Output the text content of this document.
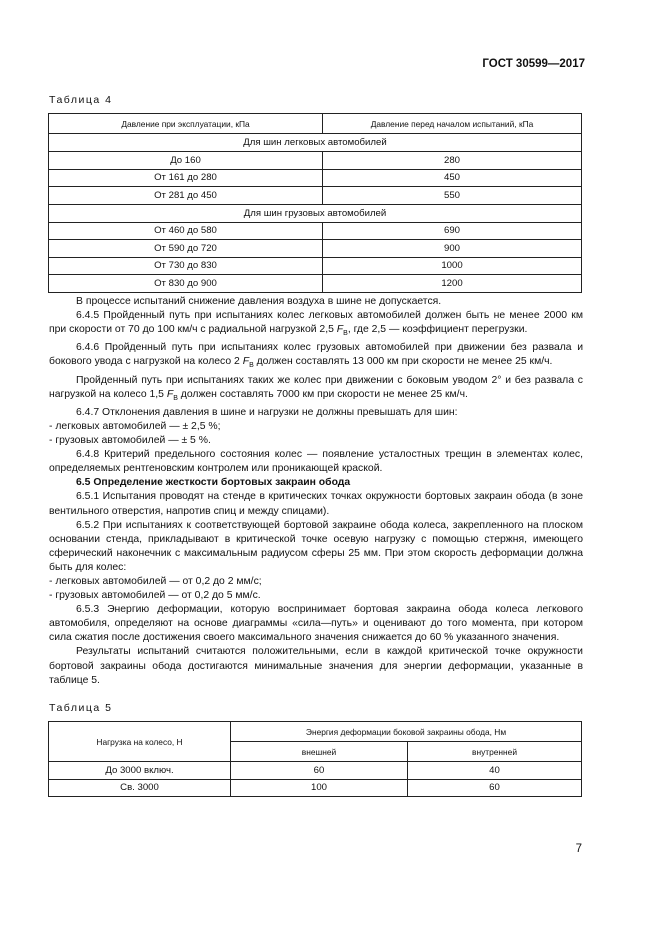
ГОСТ 30599—2017
Таблица 4
Давление при эксплуатации, кПа	Давление перед началом испытаний, кПа
Для шин легковых автомобилей	
До 160	280
От 161 до 280	450
От 281 до 450	550
Для шин грузовых автомобилей	
От 460 до 580	690
От 590 до 720	900
От 730 до 830	1000
От 830 до 900	1200

В процессе испытаний снижение давления воздуха в шине не допускается.

6.4.5 Пройденный путь при испытаниях колес легковых автомобилей должен быть не менее 2000 км при скорости от 70 до 100 км/ч с радиальной нагрузкой 2,5 $F_B$, где 2,5 — коэффициент перегрузки.

6.4.6 Пройденный путь при испытаниях колес грузовых автомобилей при движении без развала и бокового увода с нагрузкой на колесо 2 $F_B$ должен составлять 13 000 км при скорости не менее 25 км/ч.

Пройденный путь при испытаниях таких же колес при движении с боковым уводом 2° и без развала с нагрузкой на колесо 1,5 $F_B$ должен составлять 7000 км при скорости не менее 25 км/ч.

6.4.7 Отклонения давления в шине и нагрузки не должны превышать для шин:

- легковых автомобилей — ± 2,5 %;

- грузовых автомобилей — ± 5 %.

6.4.8 Критерий предельного состояния колес — появление усталостных трещин в элементах колес, определяемых рентгеновским контролем или проникающей краской.

6.5 Определение жесткости бортовых закраин обода

6.5.1 Испытания проводят на стенде в критических точках окружности бортовых закраин обода (в зоне вентильного отверстия, напротив спиц и между спицами).

6.5.2 При испытаниях к соответствующей бортовой закраине обода колеса, закрепленного на плоском основании стенда, прикладывают в критической точке осевую нагрузку с помощью стержня, имеющего сферический наконечник с максимальным радиусом сферы 25 мм. При этом скорость деформации должна быть для колес:

- легковых автомобилей — от 0,2 до 2 мм/с;

- грузовых автомобилей — от 0,2 до 5 мм/с.

6.5.3 Энергию деформации, которую воспринимает бортовая закраина обода колеса легкового автомобиля, определяют на основе диаграммы «сила—путь» и оценивают до того момента, при котором сила сжатия после достижения своего максимального значения снижается до 60 % указанного значения.

Результаты испытаний считаются положительными, если в каждой критической точке окружности бортовой закраины обода достигаются минимальные значения для энергии деформации, указанные в таблице 5.

Таблица 5
Нагрузка на колесо, Н	Энергия деформации боковой закраины обода, Нм	
	внешней	внутренней
До 3000 включ.	60	40
Св. 3000	100	60
7
